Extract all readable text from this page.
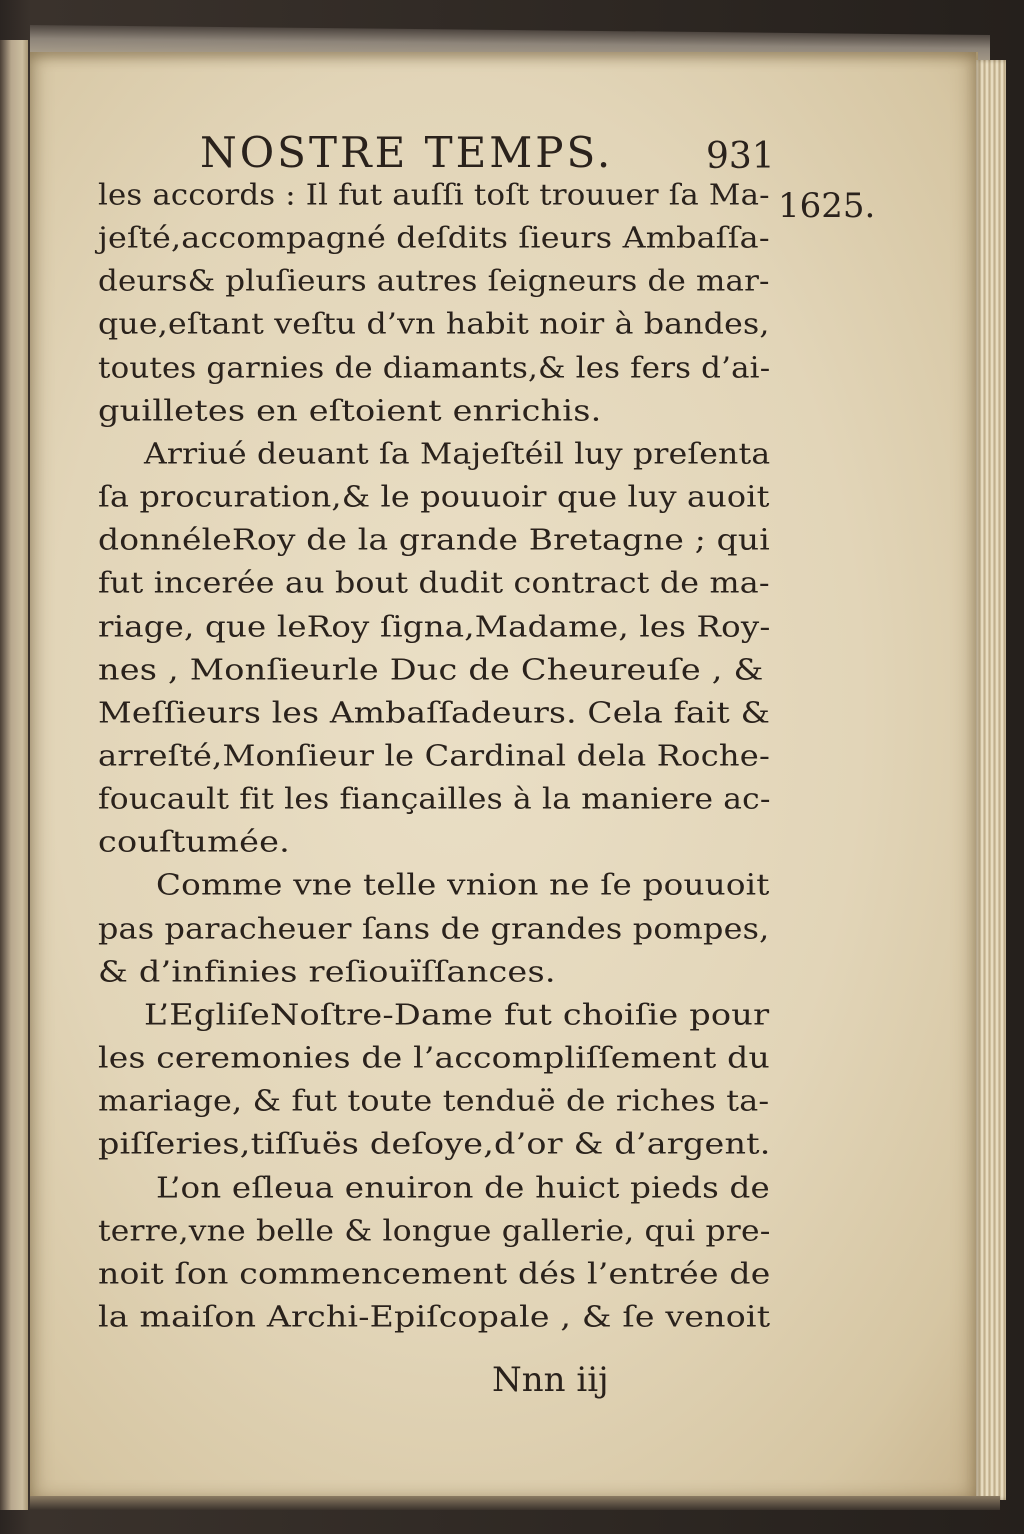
NOSTRE TEMPS.	931
1625.
les accords : Il fut auſſi toſt trouuer ſa Ma-
jeſté,accompagné deſdits ſieurs Ambaſſa-
deurs& pluſieurs autres ſeigneurs de mar-
que,eſtant veſtu d’vn habit noir à bandes,
toutes garnies de diamants,& les fers d’ai-
guilletes en eſtoient enrichis.
Arriué deuant ſa Majeſtéil luy preſenta
ſa procuration,& le pouuoir que luy auoit
donnéleRoy de la grande Bretagne ; qui
fut incerée au bout dudit contract de ma-
riage, que leRoy ſigna,Madame, les Roy-
nes , Monſieurle Duc de Cheureuſe , &
Meſſieurs les Ambaſſadeurs. Cela fait &
arreſté,Monſieur le Cardinal dela Roche-
foucault fit les fiançailles à la maniere ac-
couſtumée.
Comme vne telle vnion ne ſe pouuoit
pas paracheuer ſans de grandes pompes,
& d’infinies reſiouïſſances.
L’EgliſeNoſtre-Dame fut choiſie pour
les ceremonies de l’accompliſſement du
mariage, & fut toute tenduë de riches ta-
piſſeries,tiſſuës deſoye,d’or & d’argent.
L’on eſleua enuiron de huict pieds de
terre,vne belle & longue gallerie, qui pre-
noit ſon commencement dés l’entrée de
la maiſon Archi-Epiſcopale , & ſe venoit
Nnn iij
